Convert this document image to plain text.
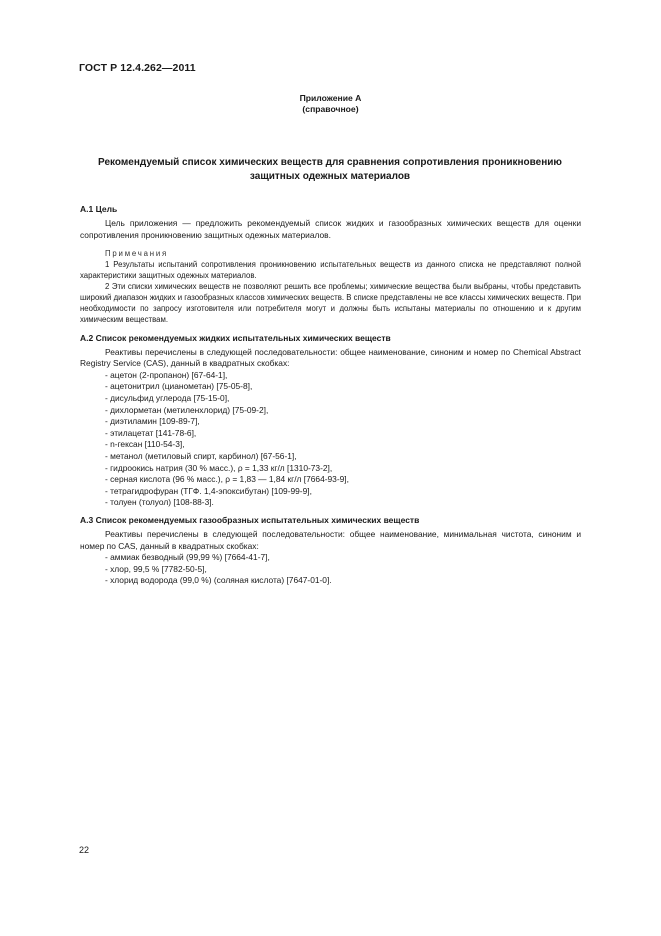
ГОСТ Р 12.4.262—2011
Приложение А
(справочное)
Рекомендуемый список химических веществ для сравнения сопротивления проникновению
защитных одежных материалов
А.1 Цель

Цель приложения — предложить рекомендуемый список жидких и газообразных химических веществ для оценки сопротивления проникновению защитных одежных материалов.

Примечания

1 Результаты испытаний сопротивления проникновению испытательных веществ из данного списка не представляют полной характеристики защитных одежных материалов.

2 Эти списки химических веществ не позволяют решить все проблемы; химические вещества были выбраны, чтобы представить широкий диапазон жидких и газообразных классов химических веществ. В списке представлены не все классы химических веществ. При необходимости по запросу изготовителя или потребителя могут и должны быть испытаны материалы по отношению и к другим химическим веществам.

А.2 Список рекомендуемых жидких испытательных химических веществ

Реактивы перечислены в следующей последовательности: общее наименование, синоним и номер по Chemical Abstract Registry Service (CAS), данный в квадратных скобках:

- ацетон (2-пропанон) [67-64-1],
- ацетонитрил (цианометан) [75-05-8],
- дисульфид углерода [75-15-0],
- дихлорметан (метиленхлорид) [75-09-2],
- диэтиламин [109-89-7],
- этилацетат [141-78-6],
- n-гексан [110-54-3],
- метанол (метиловый спирт, карбинол) [67-56-1],
- гидроокись натрия (30 % масс.), ρ = 1,33 кг/л [1310-73-2],
- серная кислота (96 % масс.), ρ = 1,83 — 1,84 кг/л [7664-93-9],
- тетрагидрофуран (ТГФ. 1,4-эпоксибутан) [109-99-9],
- толуен (толуол) [108-88-3].
А.3 Список рекомендуемых газообразных испытательных химических веществ

Реактивы перечислены в следующей последовательности: общее наименование, минимальная чистота, синоним и номер по CAS, данный в квадратных скобках:

- аммиак безводный (99,99 %) [7664-41-7],
- хлор, 99,5 % [7782-50-5],
- хлорид водорода (99,0 %) (соляная кислота) [7647-01-0].
22
